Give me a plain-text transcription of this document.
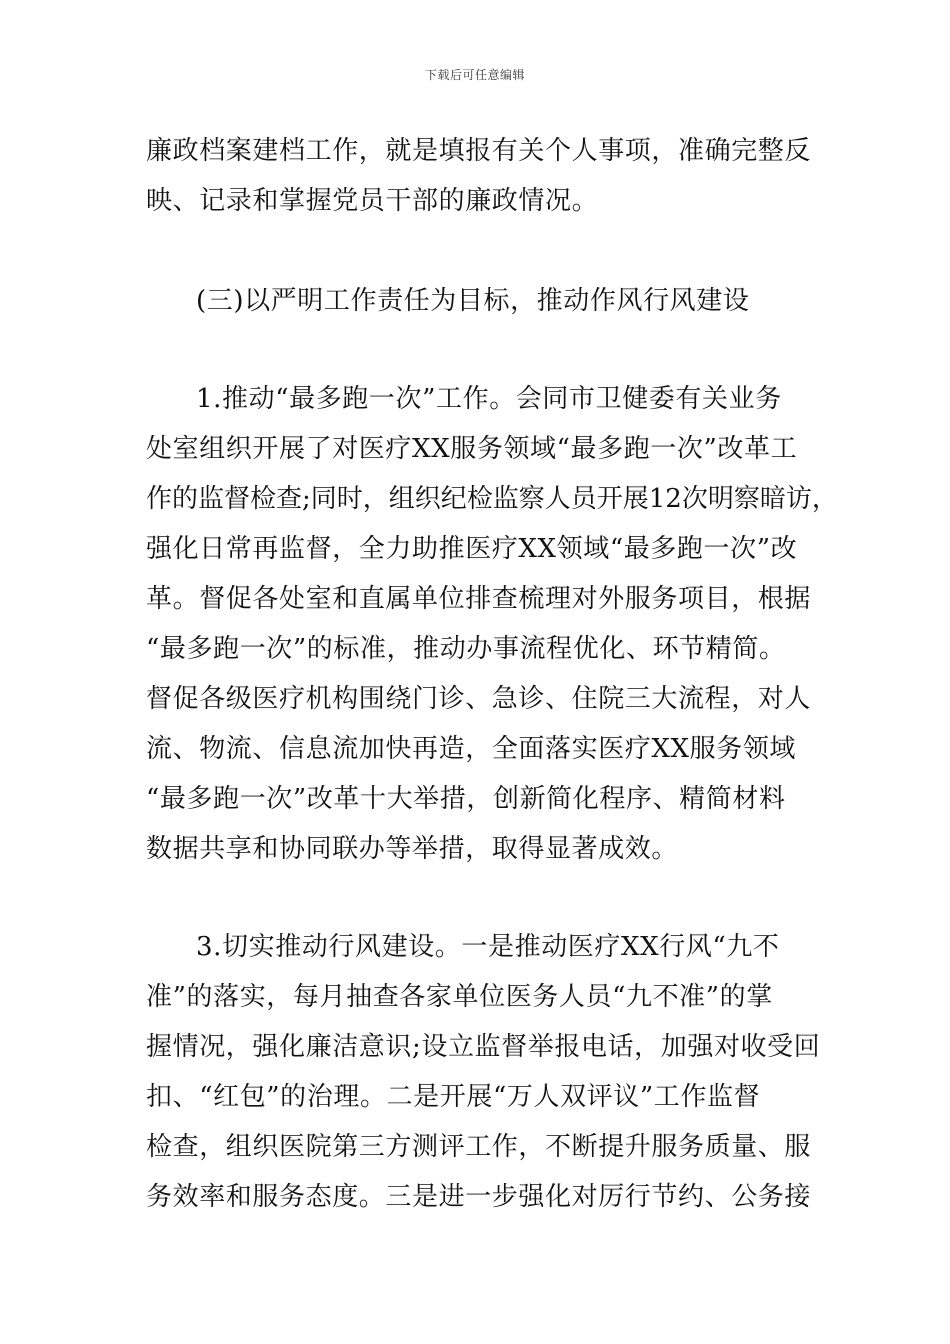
下载后可任意编辑
廉政档案建档工作，就是填报有关个人事项，准确完整反
映、记录和掌握党员干部的廉政情况。
(三)以严明工作责任为目标，推动作风行风建设
1.推动“最多跑一次”工作。会同市卫健委有关业务
处室组织开展了对医疗XX服务领域“最多跑一次”改革工
作的监督检查;同时，组织纪检监察人员开展12次明察暗访，
强化日常再监督，全力助推医疗XX领域“最多跑一次”改
革。督促各处室和直属单位排查梳理对外服务项目，根据
“最多跑一次”的标准，推动办事流程优化、环节精简。
督促各级医疗机构围绕门诊、急诊、住院三大流程，对人
流、物流、信息流加快再造，全面落实医疗XX服务领域
“最多跑一次”改革十大举措，创新简化程序、精简材料
数据共享和协同联办等举措，取得显著成效。
3.切实推动行风建设。一是推动医疗XX行风“九不
准”的落实，每月抽查各家单位医务人员“九不准”的掌
握情况，强化廉洁意识;设立监督举报电话，加强对收受回
扣、“红包”的治理。二是开展“万人双评议”工作监督
检查，组织医院第三方测评工作，不断提升服务质量、服
务效率和服务态度。三是进一步强化对厉行节约、公务接
